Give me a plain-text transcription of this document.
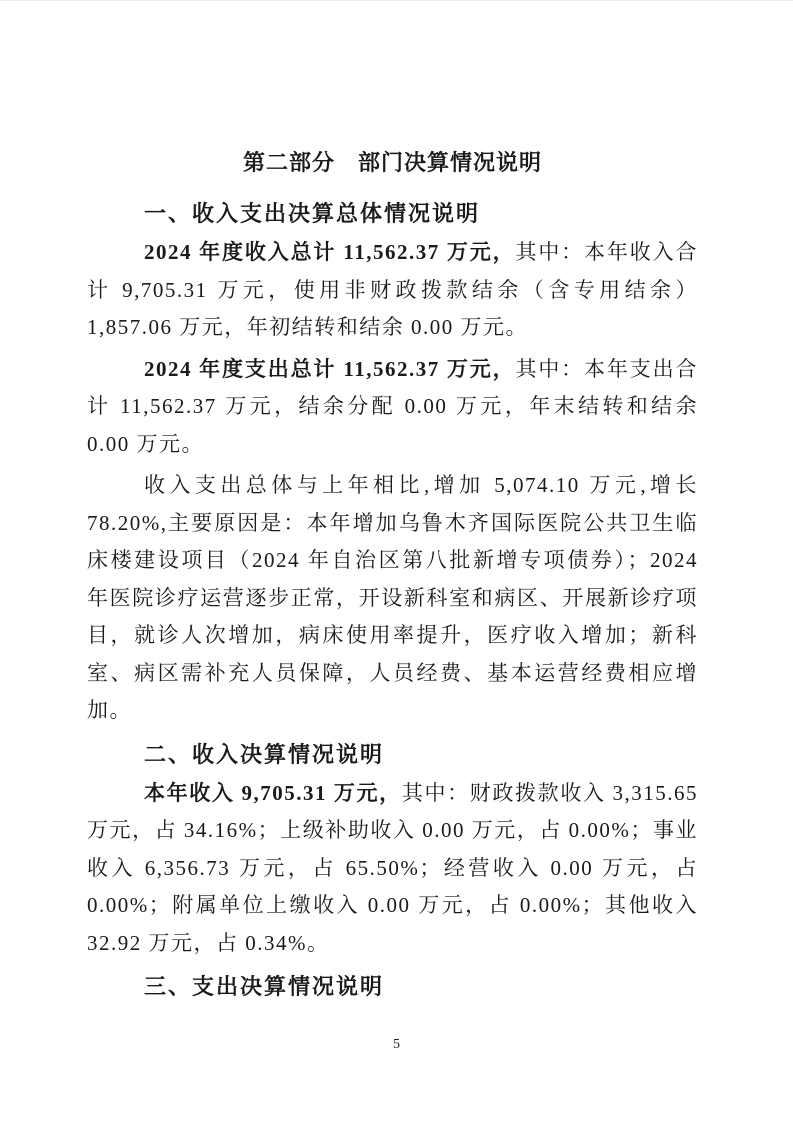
第二部分　部门决算情况说明
一、收入支出决算总体情况说明

2024 年度收入总计 11,562.37 万元，其中：本年收入合计 9,705.31 万元，使用非财政拨款结余（含专用结余）1,857.06 万元，年初结转和结余 0.00 万元。

2024 年度支出总计 11,562.37 万元，其中：本年支出合计 11,562.37 万元，结余分配 0.00 万元，年末结转和结余 0.00 万元。

收入支出总体与上年相比,增加 5,074.10 万元,增长 78.20%,主要原因是：本年增加乌鲁木齐国际医院公共卫生临床楼建设项目（2024 年自治区第八批新增专项债券）；2024 年医院诊疗运营逐步正常，开设新科室和病区、开展新诊疗项目，就诊人次增加，病床使用率提升，医疗收入增加；新科室、病区需补充人员保障，人员经费、基本运营经费相应增加。

二、收入决算情况说明

本年收入 9,705.31 万元，其中：财政拨款收入 3,315.65 万元，占 34.16%；上级补助收入 0.00 万元，占 0.00%；事业收入 6,356.73 万元，占 65.50%；经营收入 0.00 万元，占 0.00%；附属单位上缴收入 0.00 万元，占 0.00%；其他收入 32.92 万元，占 0.34%。

三、支出决算情况说明
5
